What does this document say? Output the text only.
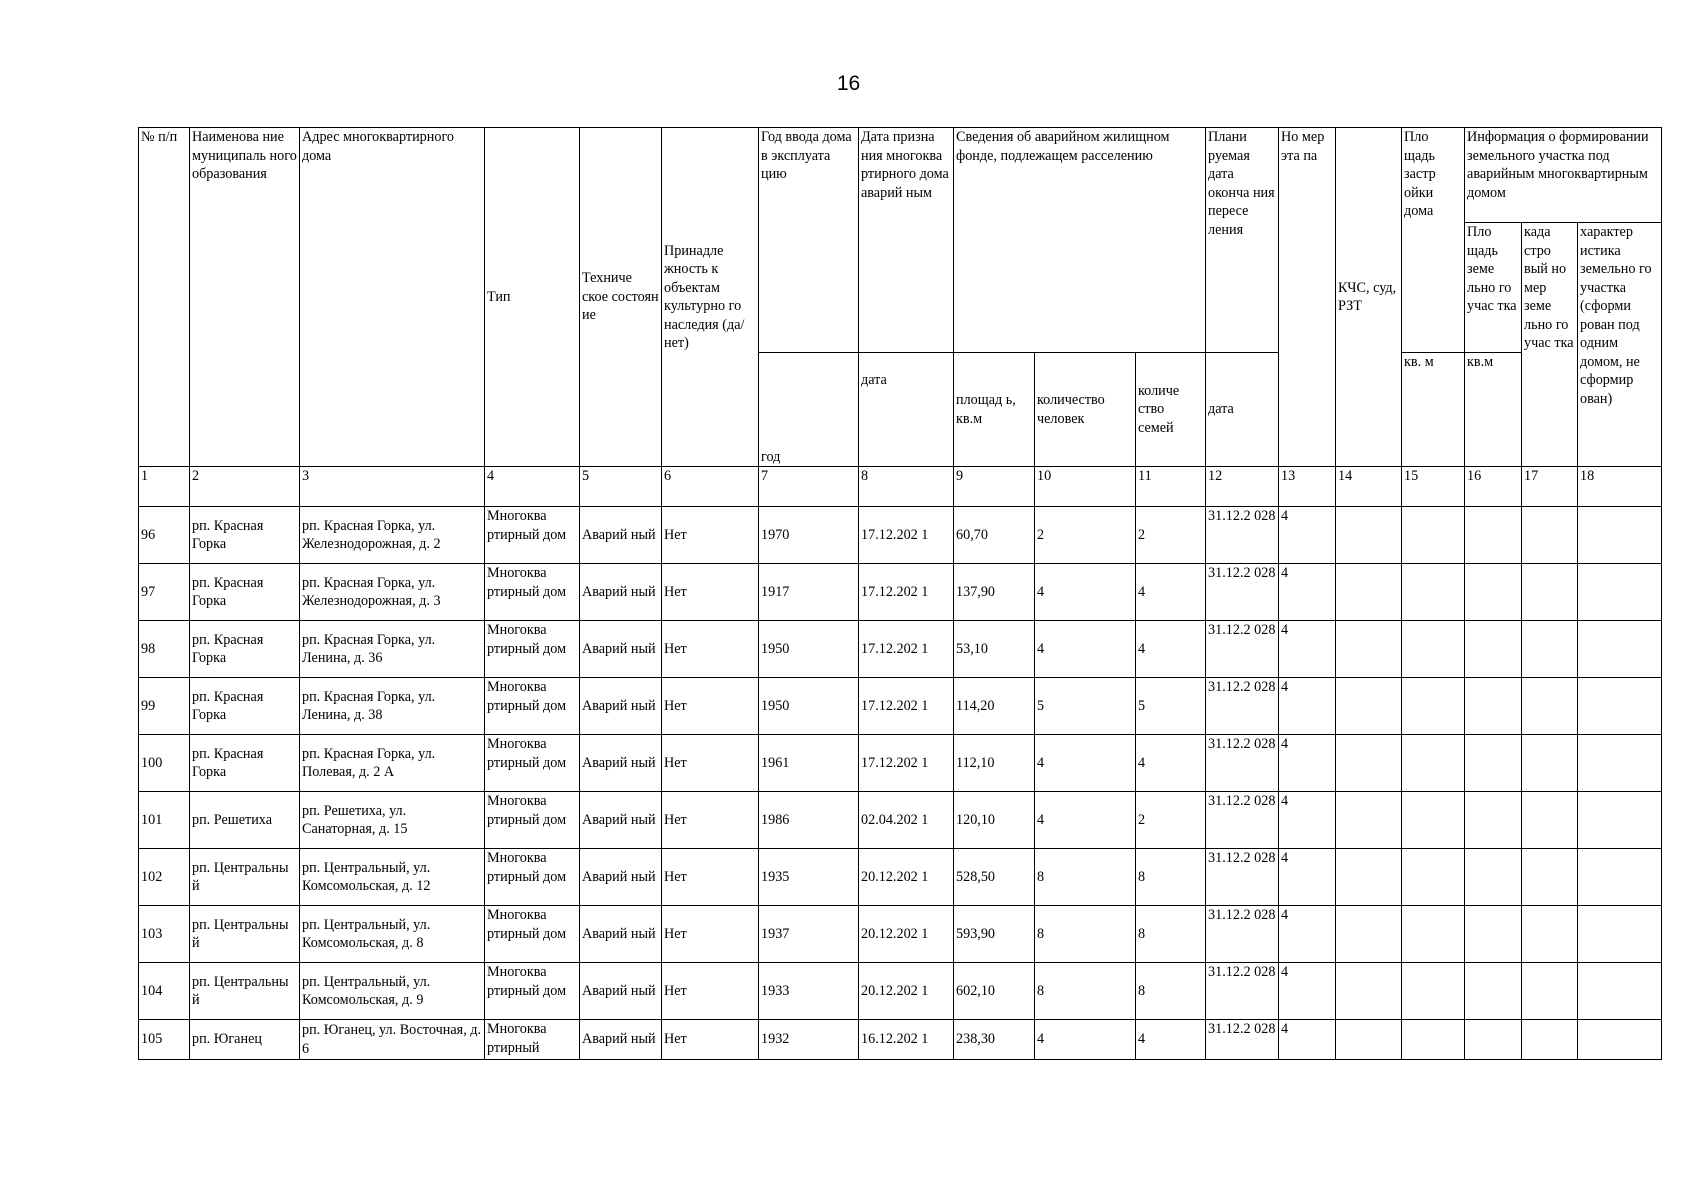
16
№ п/п	Наименова ние муниципаль ного образования	Адрес многоквартирного дома	Тип	Техниче ское состоян ие	Принадле жность к объектам культурно го наследия (да/нет)	Год ввода дома в эксплуата цию	Дата призна ния многоква ртирного дома аварий ным	Сведения об аварийном жилищном фонде, подлежащем расселению			Плани руемая дата оконча ния пересе ления	Но мер эта па	КЧС, суд, РЗТ	Пло щадь застр ойки дома	Информация о формировании земельного участка под аварийным многоквартирным домом		
															Пло щадь земе льно го учас тка	када стро вый но мер земе льно го учас тка	характер истика земельно го участка (сформи рован под одним домом, не сформир ован)
						год	дата	площад ь, кв.м	количество человек	количе ство семей	дата			кв. м	кв.м		
1	2	3	4	5	6	7	8	9	10	11	12	13	14	15	16	17	18
96	рп. Красная Горка	рп. Красная Горка, ул. Железнодорожная, д. 2	Многоква ртирный дом	Аварий ный	Нет	1970	17.12.202 1	60,70	2	2	31.12.2 028	4					
97	рп. Красная Горка	рп. Красная Горка, ул. Железнодорожная, д. 3	Многоква ртирный дом	Аварий ный	Нет	1917	17.12.202 1	137,90	4	4	31.12.2 028	4					
98	рп. Красная Горка	рп. Красная Горка, ул. Ленина, д. 36	Многоква ртирный дом	Аварий ный	Нет	1950	17.12.202 1	53,10	4	4	31.12.2 028	4					
99	рп. Красная Горка	рп. Красная Горка, ул. Ленина, д. 38	Многоква ртирный дом	Аварий ный	Нет	1950	17.12.202 1	114,20	5	5	31.12.2 028	4					
100	рп. Красная Горка	рп. Красная Горка, ул. Полевая, д. 2 А	Многоква ртирный дом	Аварий ный	Нет	1961	17.12.202 1	112,10	4	4	31.12.2 028	4					
101	рп. Решетиха	рп. Решетиха, ул. Санаторная, д. 15	Многоква ртирный дом	Аварий ный	Нет	1986	02.04.202 1	120,10	4	2	31.12.2 028	4					
102	рп. Центральны й	рп. Центральный, ул. Комсомольская, д. 12	Многоква ртирный дом	Аварий ный	Нет	1935	20.12.202 1	528,50	8	8	31.12.2 028	4					
103	рп. Центральны й	рп. Центральный, ул. Комсомольская, д. 8	Многоква ртирный дом	Аварий ный	Нет	1937	20.12.202 1	593,90	8	8	31.12.2 028	4					
104	рп. Центральны й	рп. Центральный, ул. Комсомольская, д. 9	Многоква ртирный дом	Аварий ный	Нет	1933	20.12.202 1	602,10	8	8	31.12.2 028	4					
105	рп. Юганец	рп. Юганец, ул. Восточная, д. 6	Многоква ртирный	Аварий ный	Нет	1932	16.12.202 1	238,30	4	4	31.12.2 028	4					
